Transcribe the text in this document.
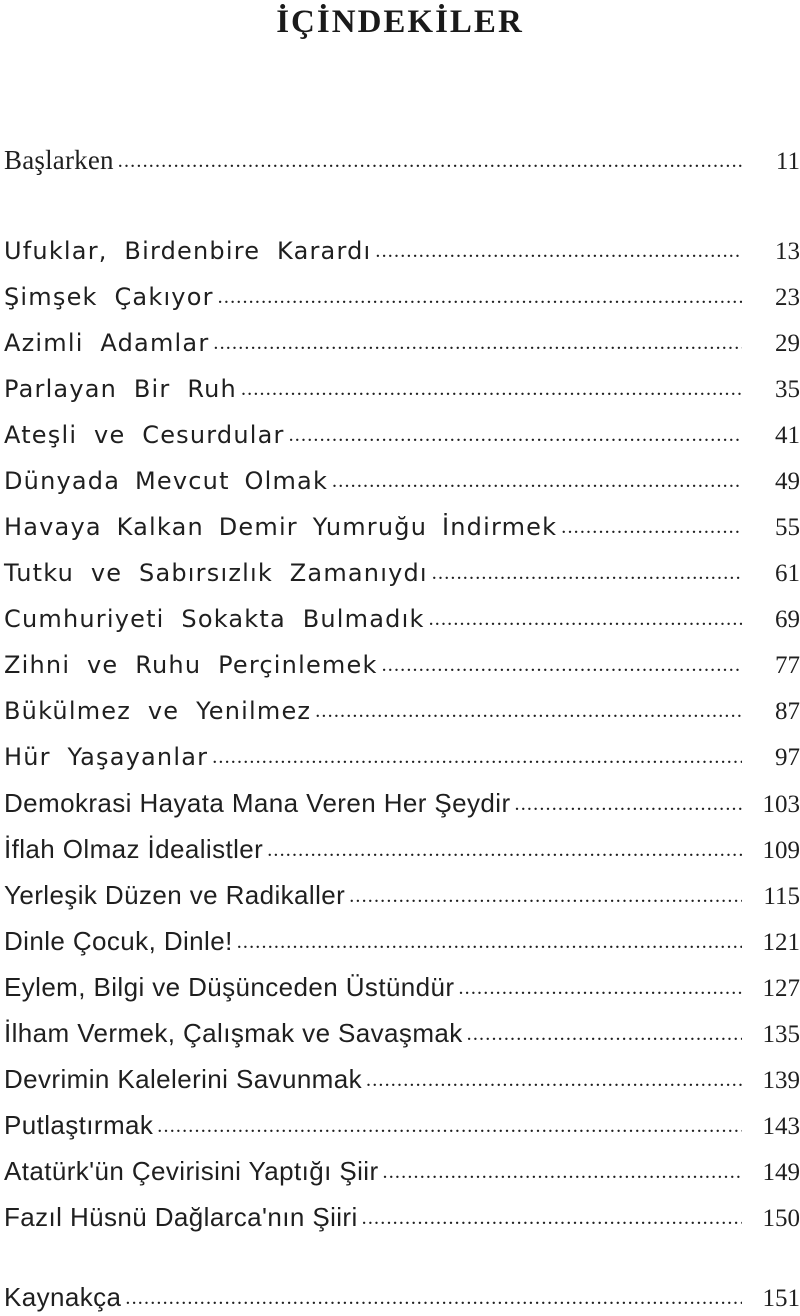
İÇİNDEKİLER
Başlarken .....	11
Ufuklar, Birdenbire Karardı .....	13
Şimşek Çakıyor .....	23
Azimli Adamlar .....	29
Parlayan Bir Ruh .....	35
Ateşli ve Cesurdular .....	41
Dünyada Mevcut Olmak .....	49
Havaya Kalkan Demir Yumruğu İndirmek .....	55
Tutku ve Sabırsızlık Zamanıydı .....	61
Cumhuriyeti Sokakta Bulmadık .....	69
Zihni ve Ruhu Perçinlemek .....	77
Bükülmez ve Yenilmez .....	87
Hür Yaşayanlar .....	97
Demokrasi Hayata Mana Veren Her Şeydir .....	103
İflah Olmaz İdealistler .....	109
Yerleşik Düzen ve Radikaller .....	115
Dinle Çocuk, Dinle! .....	121
Eylem, Bilgi ve Düşünceden Üstündür .....	127
İlham Vermek, Çalışmak ve Savaşmak .....	135
Devrimin Kalelerini Savunmak .....	139
Putlaştırmak .....	143
Atatürk'ün Çevirisini Yaptığı Şiir .....	149
Fazıl Hüsnü Dağlarca'nın Şiiri .....	150
Kaynakça .....	151
